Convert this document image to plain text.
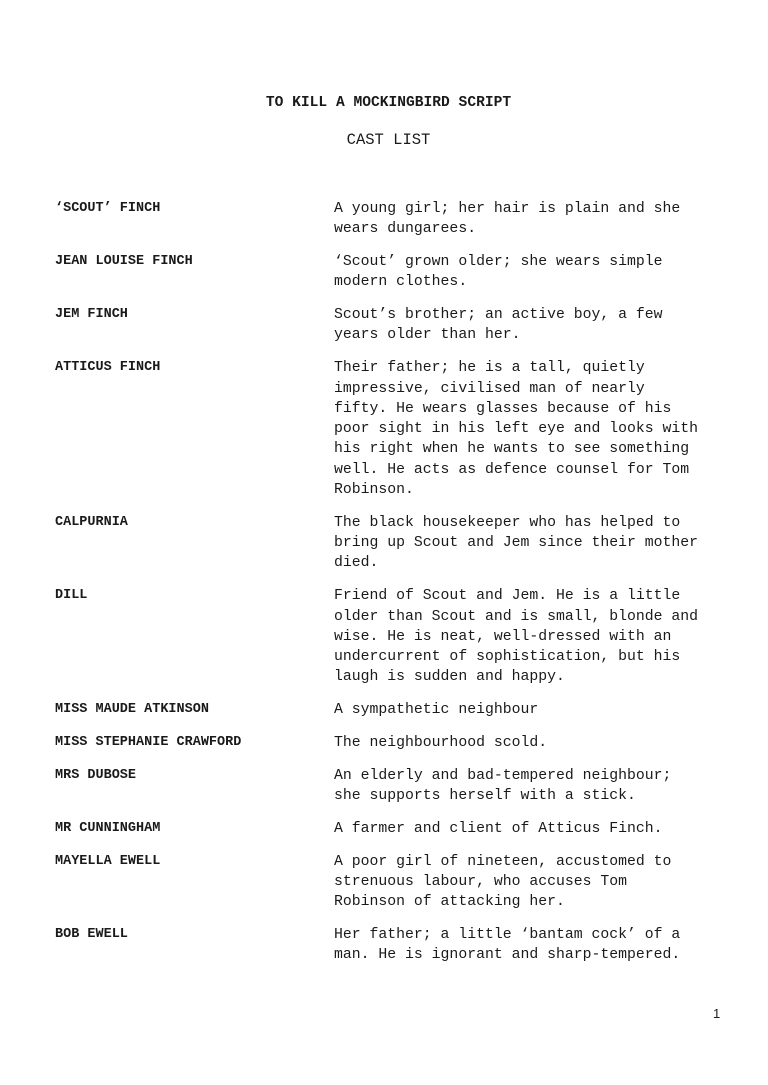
TO KILL A MOCKINGBIRD SCRIPT
CAST LIST
‘SCOUT’ FINCH	A young girl; her hair is plain and she
wears dungarees.
JEAN LOUISE FINCH	‘Scout’ grown older; she wears simple
modern clothes.
JEM FINCH	Scout’s brother; an active boy, a few
years older than her.
ATTICUS FINCH	Their father; he is a tall, quietly
impressive, civilised man of nearly
fifty. He wears glasses because of his
poor sight in his left eye and looks with
his right when he wants to see something
well. He acts as defence counsel for Tom
Robinson.
CALPURNIA	The black housekeeper who has helped to
bring up Scout and Jem since their mother
died.
DILL	Friend of Scout and Jem. He is a little
older than Scout and is small, blonde and
wise. He is neat, well-dressed with an
undercurrent of sophistication, but his
laugh is sudden and happy.
MISS MAUDE ATKINSON	A sympathetic neighbour
MISS STEPHANIE CRAWFORD	The neighbourhood scold.
MRS DUBOSE	An elderly and bad-tempered neighbour;
she supports herself with a stick.
MR CUNNINGHAM	A farmer and client of Atticus Finch.
MAYELLA EWELL	A poor girl of nineteen, accustomed to
strenuous labour, who accuses Tom
Robinson of attacking her.
BOB EWELL	Her father; a little ‘bantam cock’ of a
man. He is ignorant and sharp-tempered.
1
